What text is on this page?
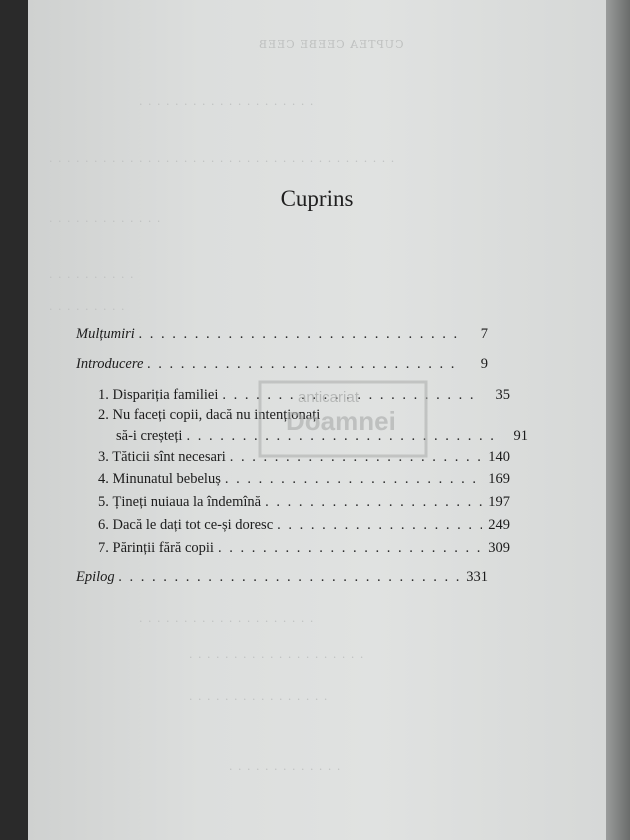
CUPTEA CEEBE CEEB
. . . . . . . . . . . . . . . . . . . .
. . . . . . . . . . . . . . . . . . . . . . . . . . . . . . . . . . . . . . .
. . . . . . . . . . . . .
. . . . . . . . . .
. . . . . . . . .
. . . . . . . . . . . . . . . . . . . .
. . . . . . . . . . . . . . . . . . . .
. . . . . . . . . . . . . . . .
. . . . . . . . . . . . .
Cuprins
Mulțumiri . . .	7
Introducere . . .	9
1. Dispariția familiei . . .	35
2. Nu faceți copii, dacă nu intenționați
să-i creșteți . . .	91
3. Tăticii sînt necesari . . .	140
4. Minunatul bebeluș . . .	169
5. Țineți nuiaua la îndemînă . . .	197
6. Dacă le dați tot ce-și doresc . . .	249
7. Părinții fără copii . . .	309
Epilog . . .	331
anticariat
Doamnei
